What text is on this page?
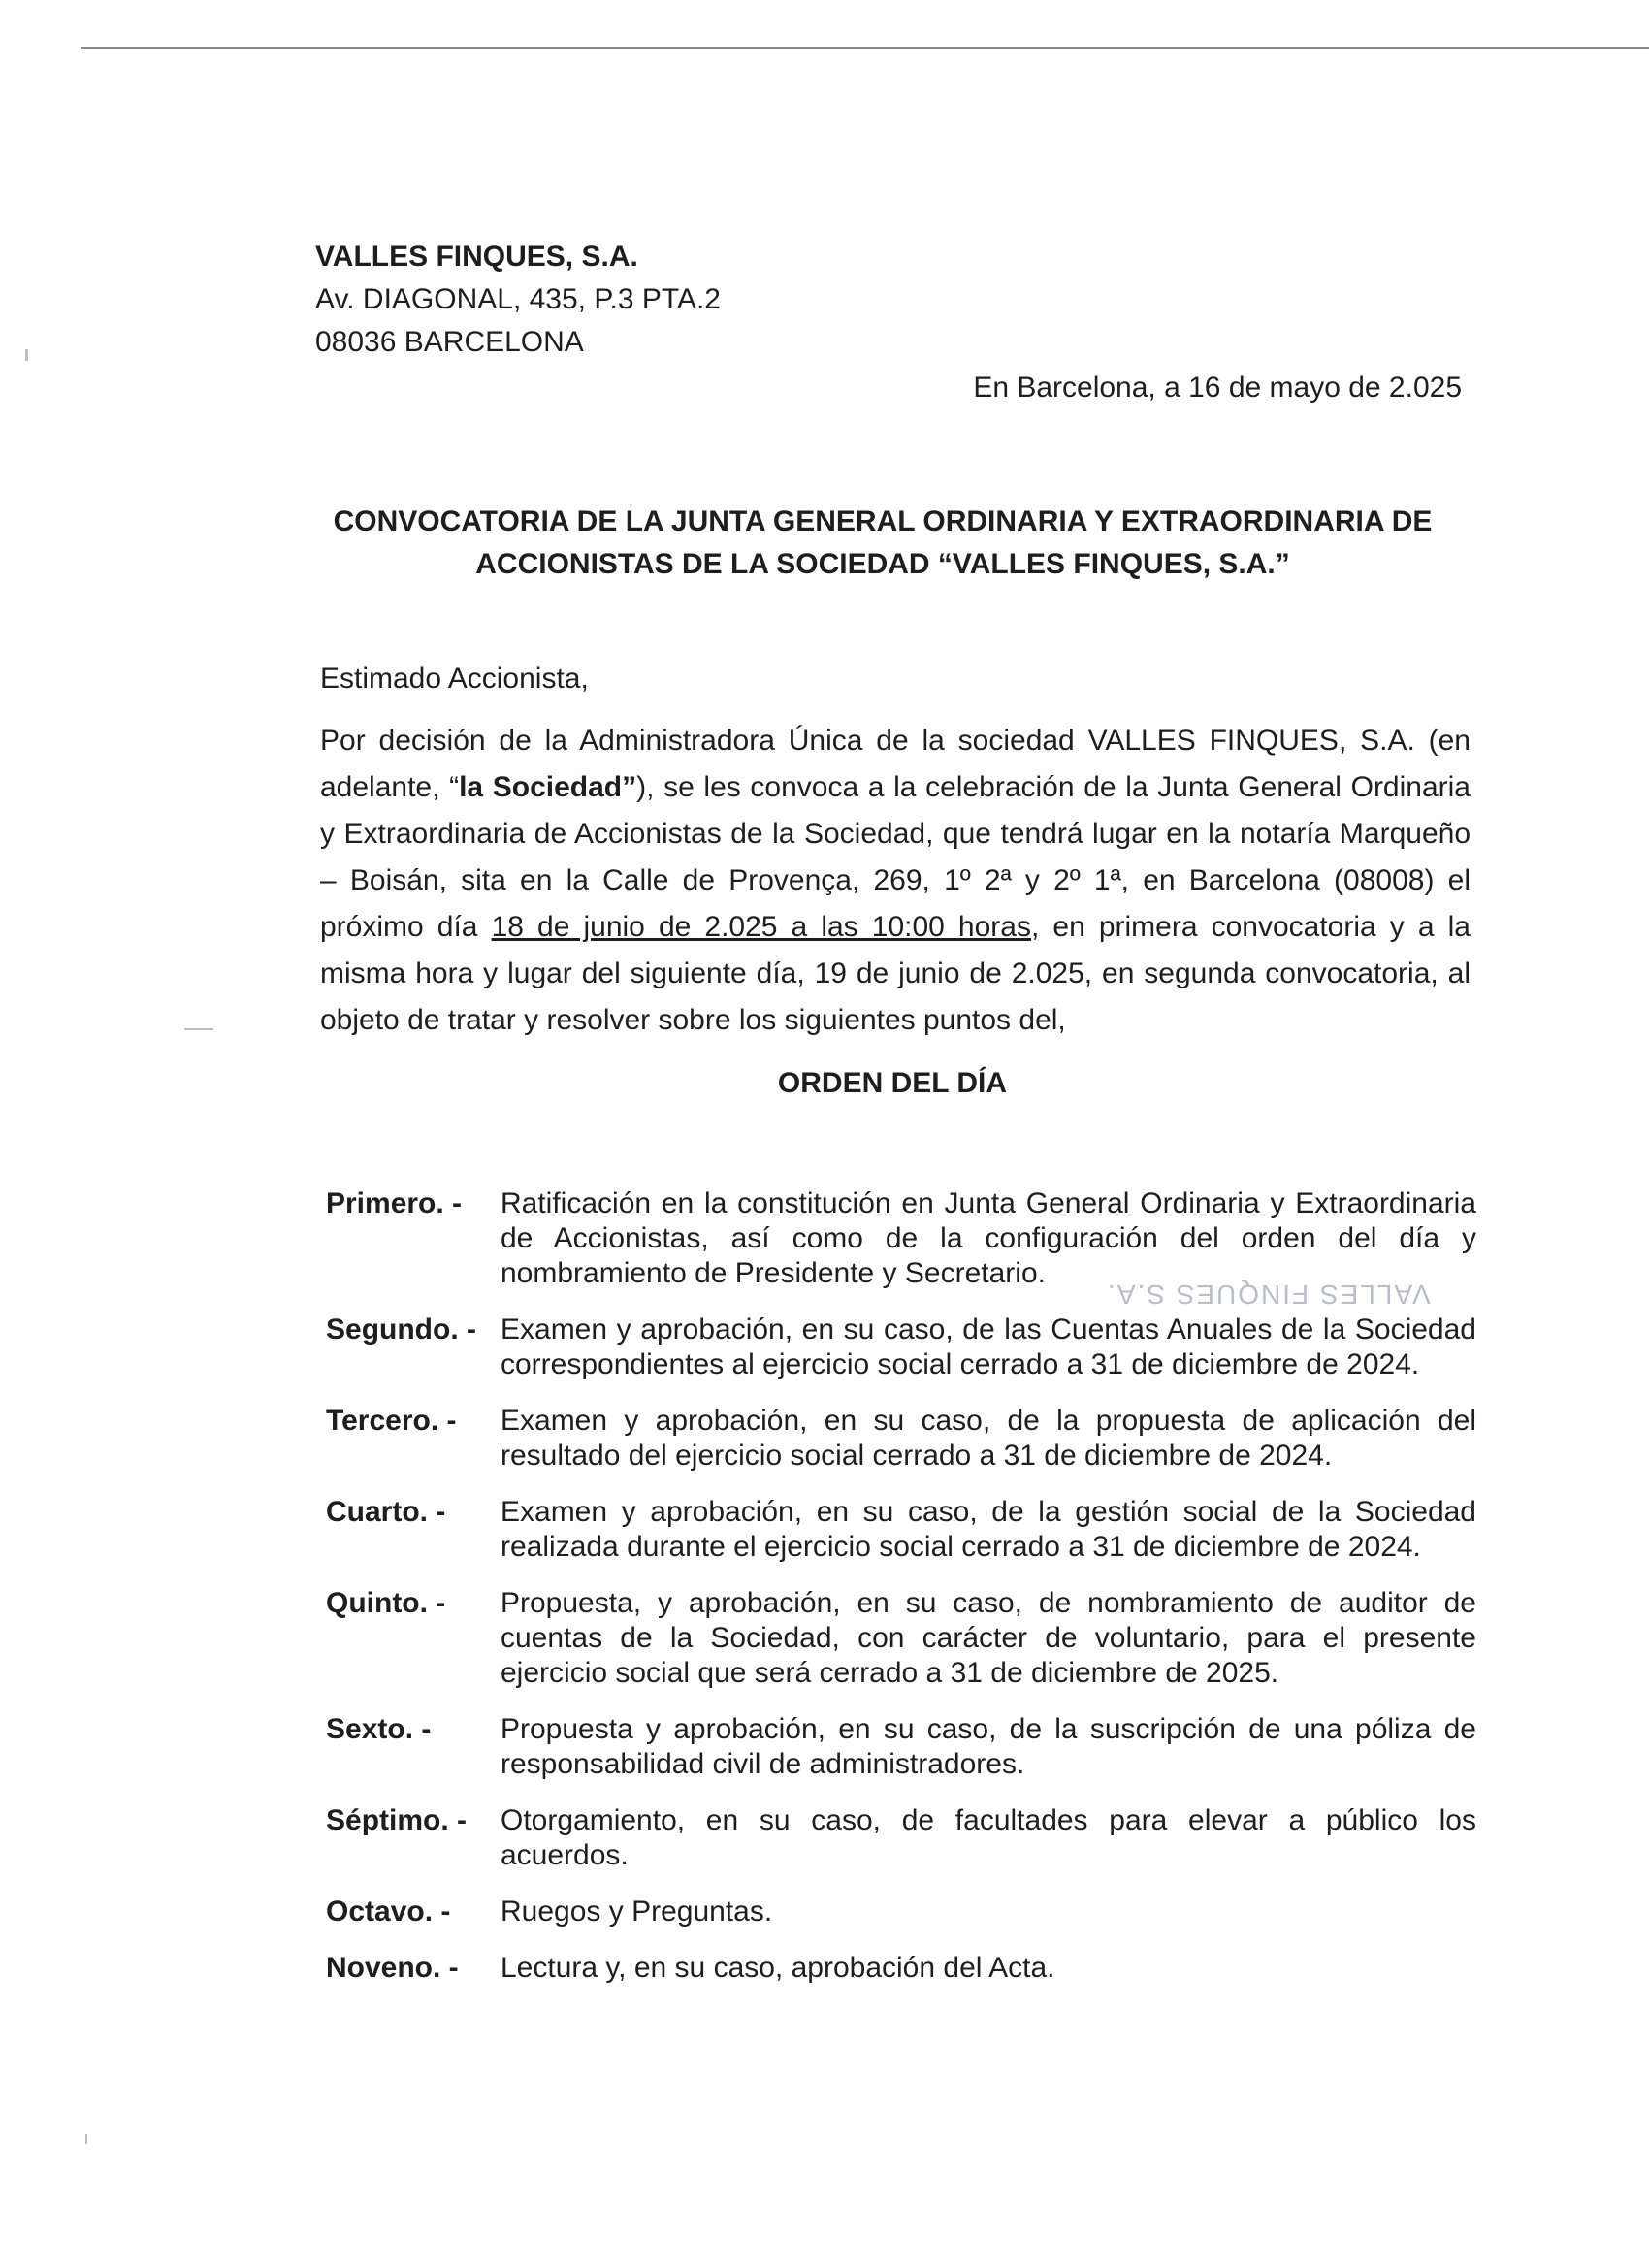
VALLES FINQUES, S.A.
Av. DIAGONAL, 435, P.3 PTA.2
08036 BARCELONA
En Barcelona, a 16 de mayo de 2.025
CONVOCATORIA DE LA JUNTA GENERAL ORDINARIA Y EXTRAORDINARIA DE
ACCIONISTAS DE LA SOCIEDAD “VALLES FINQUES, S.A.”
Estimado Accionista,

Por decisión de la Administradora Única de la sociedad VALLES FINQUES, S.A. (en adelante, “la Sociedad”), se les convoca a la celebración de la Junta General Ordinaria y Extraordinaria de Accionistas de la Sociedad, que tendrá lugar en la notaría Marqueño – Boisán, sita en la Calle de Provença, 269, 1º 2ª y 2º 1ª, en Barcelona (08008) el próximo día 18 de junio de 2.025 a las 10:00 horas, en primera convocatoria y a la misma hora y lugar del siguiente día, 19 de junio de 2.025, en segunda convocatoria, al objeto de tratar y resolver sobre los siguientes puntos del,

ORDEN DEL DÍA
Primero. -	Ratificación en la constitución en Junta General Ordinaria y Extraordinaria de Accionistas, así como de la configuración del orden del día y nombramiento de Presidente y Secretario.
Segundo. - Examen y aprobación, en su caso, de las Cuentas Anuales de la Sociedad correspondientes al ejercicio social cerrado a 31 de diciembre de 2024.
Tercero. -	Examen y aprobación, en su caso, de la propuesta de aplicación del resultado del ejercicio social cerrado a 31 de diciembre de 2024.
Cuarto. -	Examen y aprobación, en su caso, de la gestión social de la Sociedad realizada durante el ejercicio social cerrado a 31 de diciembre de 2024.
Quinto. -	Propuesta, y aprobación, en su caso, de nombramiento de auditor de cuentas de la Sociedad, con carácter de voluntario, para el presente ejercicio social que será cerrado a 31 de diciembre de 2025.
Sexto. -	Propuesta y aprobación, en su caso, de la suscripción de una póliza de responsabilidad civil de administradores.
Séptimo. -	Otorgamiento, en su caso, de facultades para elevar a público los acuerdos.
Octavo. -	Ruegos y Preguntas.
Noveno. -	Lectura y, en su caso, aprobación del Acta.
VALLES FINQUES S.A.
